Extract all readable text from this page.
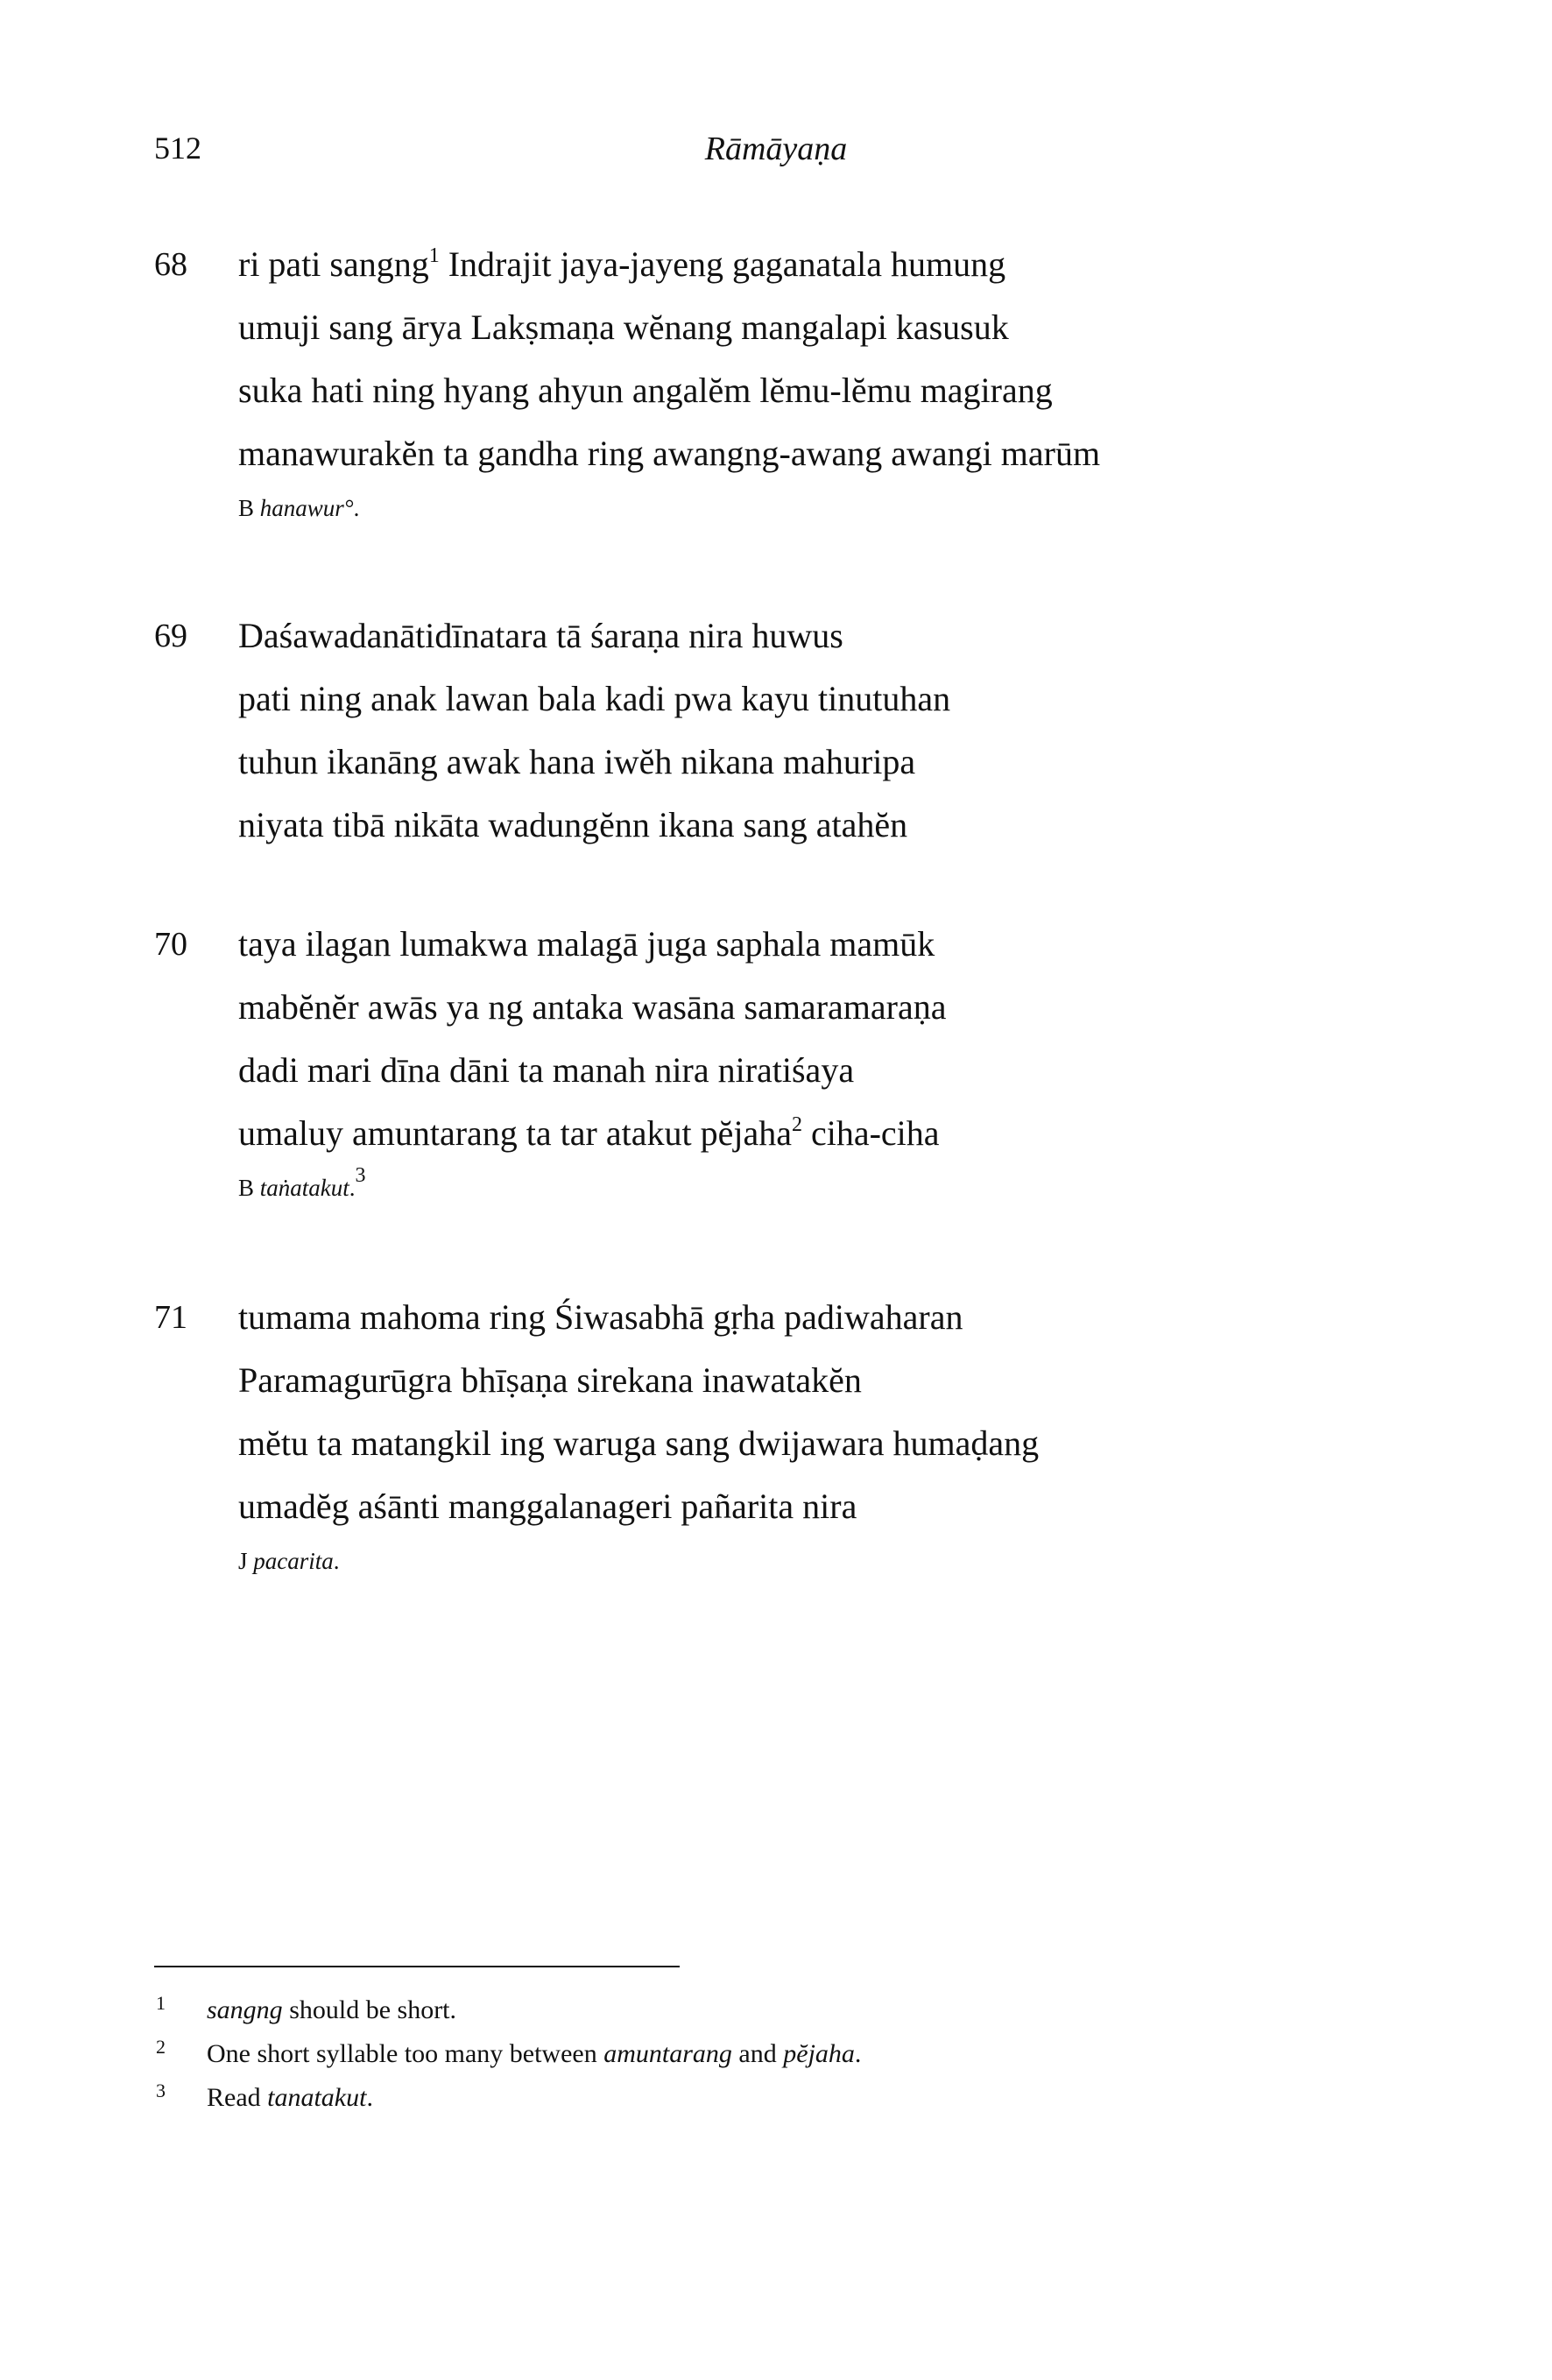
512	Rāmāyaṇa
68 ri pati sangng$^1$ Indrajit jaya-jayeng gaganatala humung
umuji sang ārya Lakṣmaṇa wĕnang mangalapi kasusuk
suka hati ning hyang ahyun angalĕm lĕmu-lĕmu magirang
manawurakĕn ta gandha ring awangng-awang awangi marūm
B hanawur°.
69 Daśawadanātidīnatara tā śaraṇa nira huwus
pati ning anak lawan bala kadi pwa kayu tinutuhan
tuhun ikanāng awak hana iwĕh nikana mahuripa
niyata tibā nikāta wadungĕnn ikana sang atahĕn
70 taya ilagan lumakwa malagā juga saphala mamūk
mabĕnĕr awās ya ng antaka wasāna samaramaraṇa
dadi mari dīna dāni ta manah nira niratiśaya
umaluy amuntarang ta tar atakut pĕjaha$^2$ ciha-ciha
B taṅatakut.$^3$
71 tumama mahoma ring Śiwasabhā gṛha padiwaharan
Paramagurūgra bhīṣaṇa sirekana inawatakĕn
mĕtu ta matangkil ing waruga sang dwijawara humaḍang
umadĕg aśānti manggalanageri pañarita nira
J pacarita.
1 sangng should be short.
2 One short syllable too many between amuntarang and pĕjaha.
3 Read tanatakut.
